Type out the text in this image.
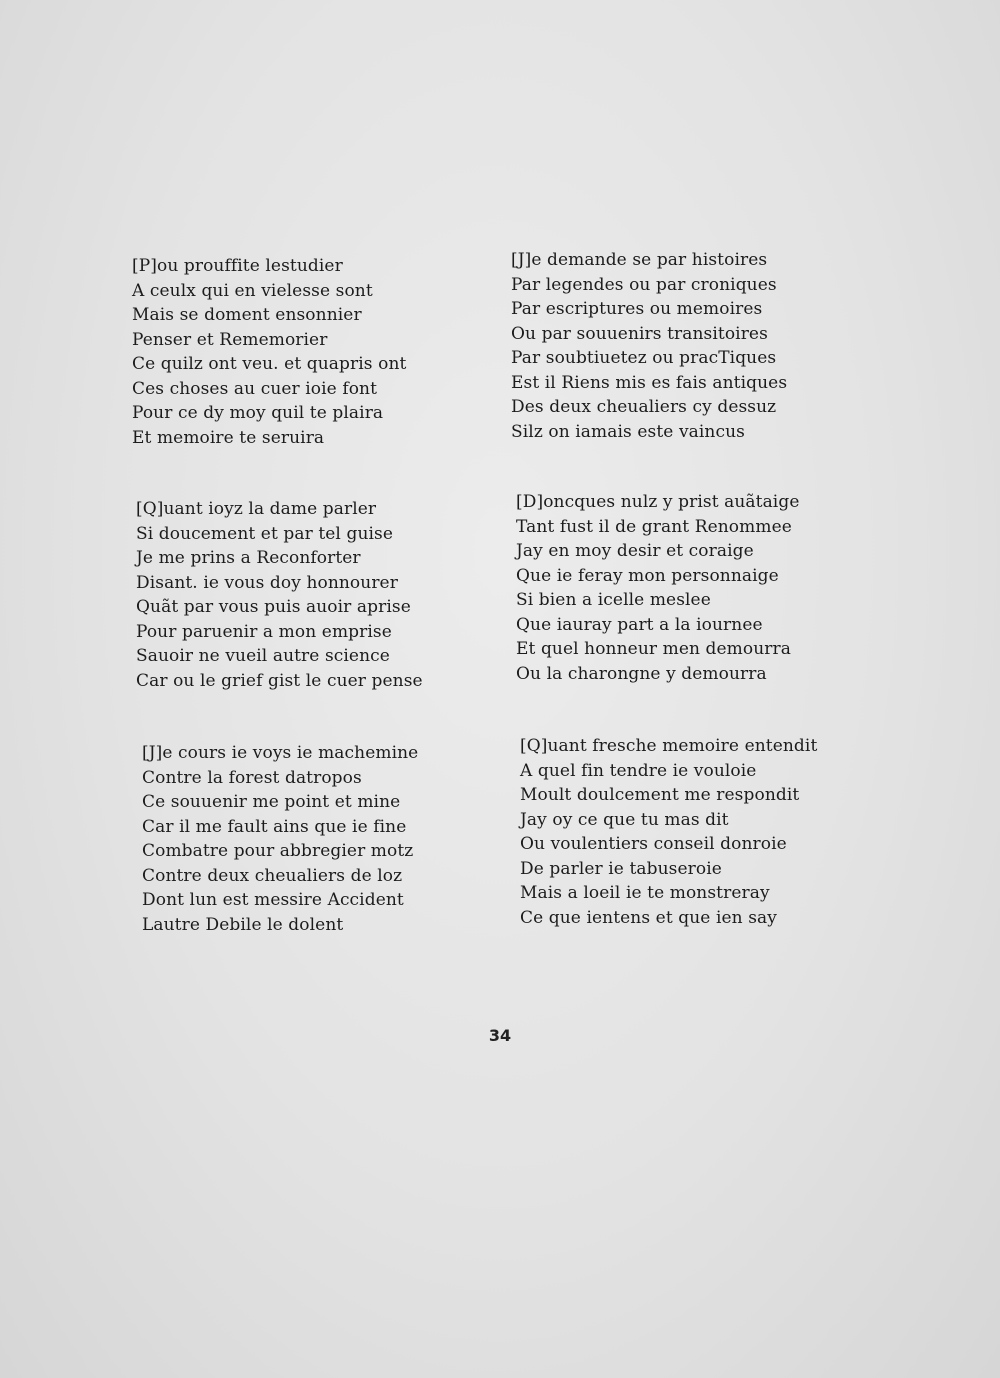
[P]ou prouffite lestudier
A ceulx qui en vielesse sont
Mais se doment ensonnier
Penser et Rememorier
Ce quilz ont veu. et quapris ont
Ces choses au cuer ioie font
Pour ce dy moy quil te plaira
Et memoire te seruira
[Q]uant ioyz la dame parler
Si doucement et par tel guise
Je me prins a Reconforter
Disant. ie vous doy honnourer
Quãt par vous puis auoir aprise
Pour paruenir a mon emprise
Sauoir ne vueil autre science
Car ou le grief gist le cuer pense
[J]e cours ie voys ie machemine
Contre la forest datropos
Ce souuenir me point et mine
Car il me fault ains que ie fine
Combatre pour abbregier motz
Contre deux cheualiers de loz
Dont lun est messire Accident
Lautre Debile le dolent
[J]e demande se par histoires
Par legendes ou par croniques
Par escriptures ou memoires
Ou par souuenirs transitoires
Par soubtiuetez ou pracTiques
Est il Riens mis es fais antiques
Des deux cheualiers cy dessuz
Silz on iamais este vaincus
[D]oncques nulz y prist auãtaige
Tant fust il de grant Renommee
Jay en moy desir et coraige
Que ie feray mon personnaige
Si bien a icelle meslee
Que iauray part a la iournee
Et quel honneur men demourra
Ou la charongne y demourra
[Q]uant fresche memoire entendit
A quel fin tendre ie vouloie
Moult doulcement me respondit
Jay oy ce que tu mas dit
Ou voulentiers conseil donroie
De parler ie tabuseroie
Mais a loeil ie te monstreray
Ce que ientens et que ien say
34
